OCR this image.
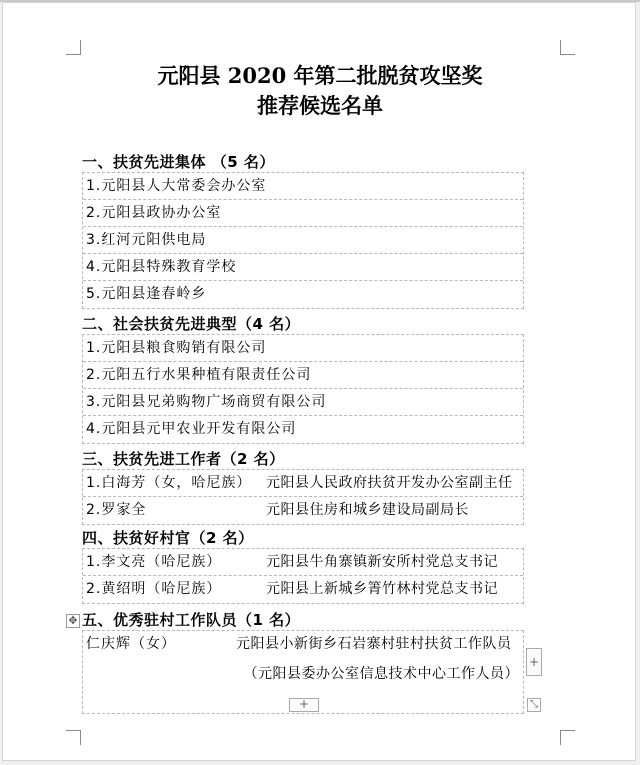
元阳县 2020 年第二批脱贫攻坚奖
推荐候选名单
一、扶贫先进集体 （5 名）
1.元阳县人大常委会办公室
2.元阳县政协办公室
3.红河元阳供电局
4.元阳县特殊教育学校
5.元阳县逢春岭乡
二、社会扶贫先进典型（4 名）
1.元阳县粮食购销有限公司
2.元阳五行水果种植有限责任公司
3.元阳县兄弟购物广场商贸有限公司
4.元阳县元甲农业开发有限公司
三、扶贫先进工作者（2 名）
1.白海芳（女，哈尼族） 元阳县人民政府扶贫开发办公室副主任
2.罗家全	元阳县住房和城乡建设局副局长
四、扶贫好村官（2 名）
1.李文亮（哈尼族）	元阳县牛角寨镇新安所村党总支书记
2.黄绍明（哈尼族）	元阳县上新城乡箐竹林村党总支书记
✥ 五、优秀驻村工作队员（1 名）
仁庆辉（女）	元阳县小新街乡石岩寨村驻村扶贫工作队员
（元阳县委办公室信息技术中心工作人员）
+
+	⤡
